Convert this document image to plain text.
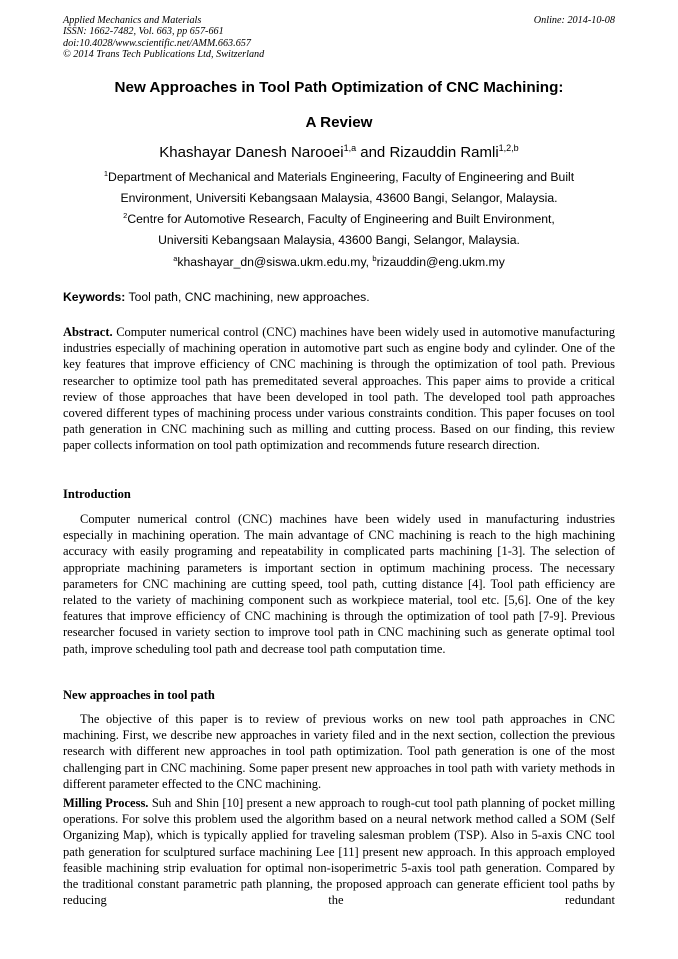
Applied Mechanics and Materials
ISSN: 1662-7482, Vol. 663, pp 657-661
doi:10.4028/www.scientific.net/AMM.663.657
© 2014 Trans Tech Publications Ltd, Switzerland
Online: 2014-10-08
New Approaches in Tool Path Optimization of CNC Machining:
A Review
Khashayar Danesh Narooei$^{1,a}$ and Rizauddin Ramli$^{1,2,b}$
$^1$Department of Mechanical and Materials Engineering, Faculty of Engineering and Built
Environment, Universiti Kebangsaan Malaysia, 43600 Bangi, Selangor, Malaysia.
$^2$Centre for Automotive Research, Faculty of Engineering and Built Environment,
Universiti Kebangsaan Malaysia, 43600 Bangi, Selangor, Malaysia.
$^a$khashayar_dn@siswa.ukm.edu.my, $^b$rizauddin@eng.ukm.my
Keywords: Tool path, CNC machining, new approaches.
Abstract. Computer numerical control (CNC) machines have been widely used in automotive manufacturing industries especially of machining operation in automotive part such as engine body and cylinder. One of the key features that improve efficiency of CNC machining is through the optimization of tool path. Previous researcher to optimize tool path has premeditated several approaches. This paper aims to provide a critical review of those approaches that have been developed in tool path. The developed tool path approaches covered different types of machining process under various constraints condition. This paper focuses on tool path generation in CNC machining such as milling and cutting process. Based on our finding, this review paper collects information on tool path optimization and recommends future research direction.
Introduction
Computer numerical control (CNC) machines have been widely used in manufacturing industries especially in machining operation. The main advantage of CNC machining is reach to the high machining accuracy with easily programing and repeatability in complicated parts machining [1-3]. The selection of appropriate machining parameters is important section in optimum machining process. The necessary parameters for CNC machining are cutting speed, tool path, cutting distance [4]. Tool path efficiency are related to the variety of machining component such as workpiece material, tool etc. [5,6]. One of the key features that improve efficiency of CNC machining is through the optimization of tool path [7-9]. Previous researcher focused in variety section to improve tool path in CNC machining such as generate optimal tool path, improve scheduling tool path and decrease tool path computation time.
New approaches in tool path
The objective of this paper is to review of previous works on new tool path approaches in CNC machining. First, we describe new approaches in variety filed and in the next section, collection the previous research with different new approaches in tool path optimization. Tool path generation is one of the most challenging part in CNC machining. Some paper present new approaches in tool path with variety methods in different parameter effected to the CNC machining.
Milling Process. Suh and Shin [10] present a new approach to rough-cut tool path planning of pocket milling operations. For solve this problem used the algorithm based on a neural network method called a SOM (Self Organizing Map), which is typically applied for traveling salesman problem (TSP). Also in 5-axis CNC tool path generation for sculptured surface machining Lee [11] present new approach. In this approach employed feasible machining strip evaluation for optimal non-isoperimetric 5-axis tool path generation. Compared by the traditional constant parametric path planning, the proposed approach can generate efficient tool paths by reducing the redundant
